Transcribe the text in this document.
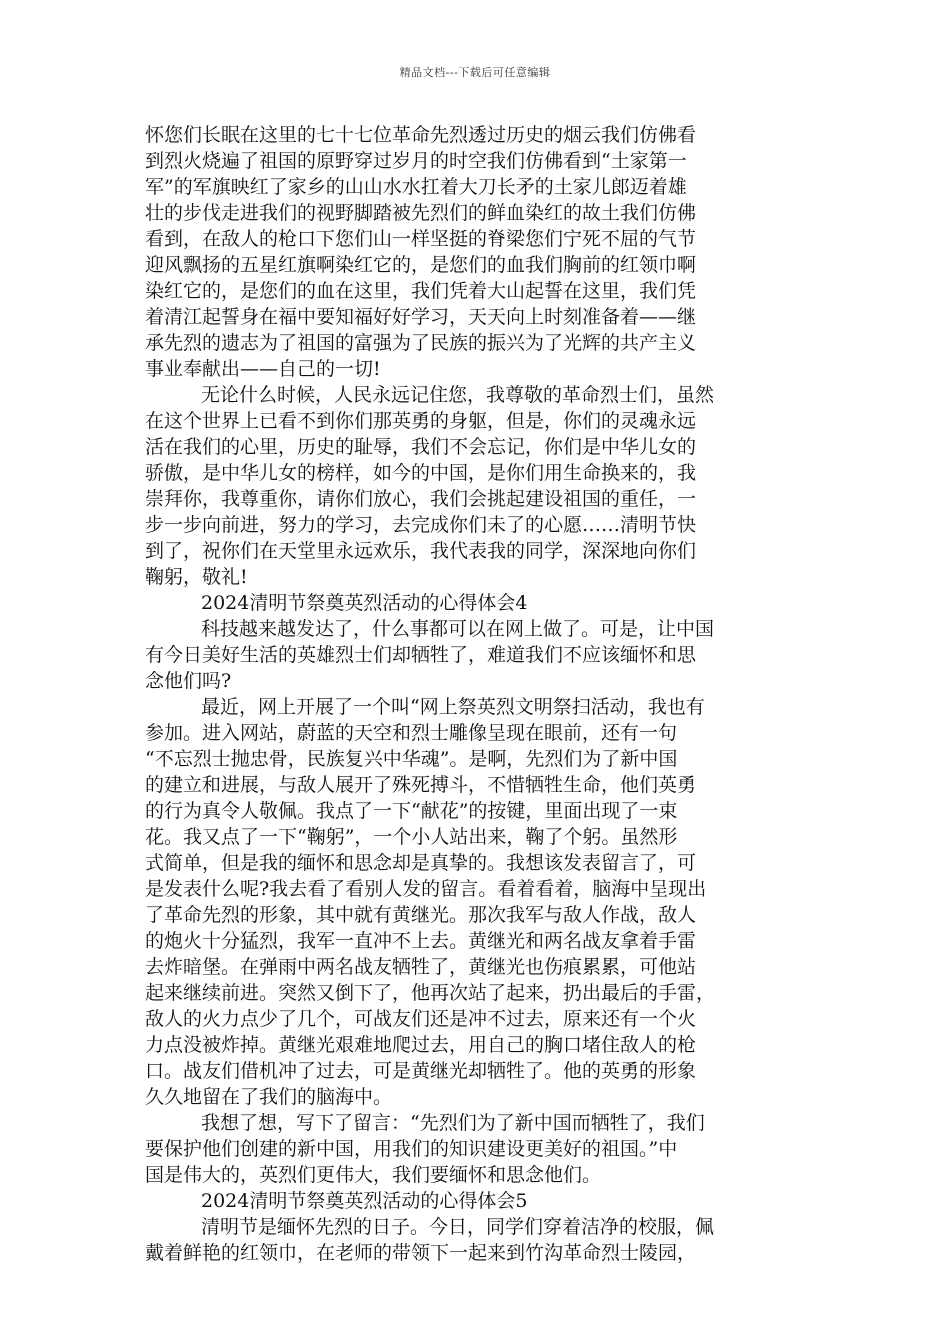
精品文档---下载后可任意编辑
怀您们长眠在这里的七十七位革命先烈透过历史的烟云我们仿佛看
到烈火烧遍了祖国的原野穿过岁月的时空我们仿佛看到“土家第一
军”的军旗映红了家乡的山山水水扛着大刀长矛的土家儿郎迈着雄
壮的步伐走进我们的视野脚踏被先烈们的鲜血染红的故土我们仿佛
看到，在敌人的枪口下您们山一样坚挺的脊梁您们宁死不屈的气节
迎风飘扬的五星红旗啊染红它的，是您们的血我们胸前的红领巾啊
染红它的，是您们的血在这里，我们凭着大山起誓在这里，我们凭
着清江起誓身在福中要知福好好学习，天天向上时刻准备着——继
承先烈的遗志为了祖国的富强为了民族的振兴为了光辉的共产主义
事业奉献出——自己的一切!
无论什么时候，人民永远记住您，我尊敬的革命烈士们，虽然
在这个世界上已看不到你们那英勇的身躯，但是，你们的灵魂永远
活在我们的心里，历史的耻辱，我们不会忘记，你们是中华儿女的
骄傲，是中华儿女的榜样，如今的中国，是你们用生命换来的，我
崇拜你，我尊重你，请你们放心，我们会挑起建设祖国的重任，一
步一步向前进，努力的学习，去完成你们未了的心愿……清明节快
到了，祝你们在天堂里永远欢乐，我代表我的同学，深深地向你们
鞠躬，敬礼!
2024清明节祭奠英烈活动的心得体会4
科技越来越发达了，什么事都可以在网上做了。可是，让中国
有今日美好生活的英雄烈士们却牺牲了，难道我们不应该缅怀和思
念他们吗?
最近，网上开展了一个叫“网上祭英烈文明祭扫活动，我也有
参加。进入网站，蔚蓝的天空和烈士雕像呈现在眼前，还有一句
“不忘烈士抛忠骨，民族复兴中华魂”。是啊，先烈们为了新中国
的建立和进展，与敌人展开了殊死搏斗，不惜牺牲生命，他们英勇
的行为真令人敬佩。我点了一下“献花”的按键，里面出现了一束
花。我又点了一下“鞠躬”，一个小人站出来，鞠了个躬。虽然形
式简单，但是我的缅怀和思念却是真挚的。我想该发表留言了，可
是发表什么呢?我去看了看别人发的留言。看着看着，脑海中呈现出
了革命先烈的形象，其中就有黄继光。那次我军与敌人作战，敌人
的炮火十分猛烈，我军一直冲不上去。黄继光和两名战友拿着手雷
去炸暗堡。在弹雨中两名战友牺牲了，黄继光也伤痕累累，可他站
起来继续前进。突然又倒下了，他再次站了起来，扔出最后的手雷，
敌人的火力点少了几个，可战友们还是冲不过去，原来还有一个火
力点没被炸掉。黄继光艰难地爬过去，用自己的胸口堵住敌人的枪
口。战友们借机冲了过去，可是黄继光却牺牲了。他的英勇的形象
久久地留在了我们的脑海中。
我想了想，写下了留言：“先烈们为了新中国而牺牲了，我们
要保护他们创建的新中国，用我们的知识建设更美好的祖国。”中
国是伟大的，英烈们更伟大，我们要缅怀和思念他们。
2024清明节祭奠英烈活动的心得体会5
清明节是缅怀先烈的日子。今日，同学们穿着洁净的校服，佩
戴着鲜艳的红领巾，在老师的带领下一起来到竹沟革命烈士陵园，
